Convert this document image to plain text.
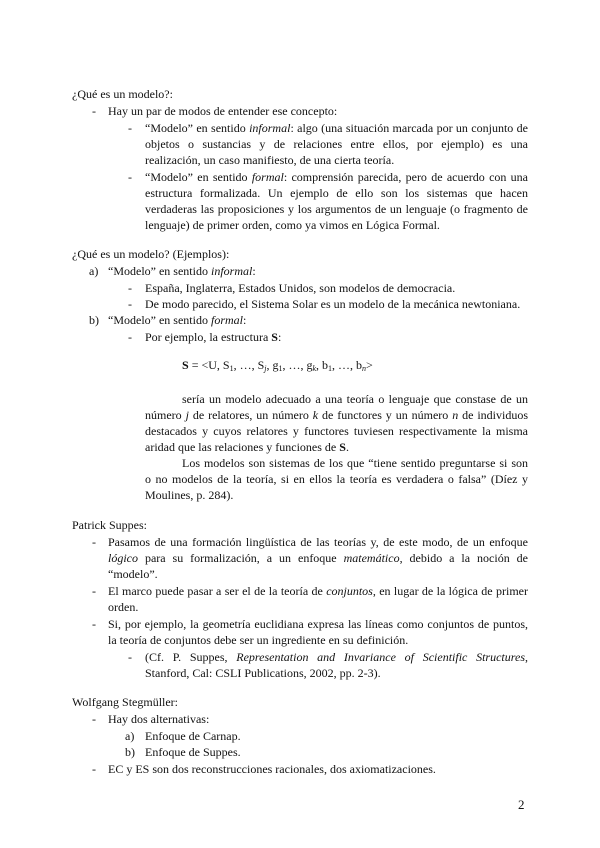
¿Qué es un modelo?:
- Hay un par de modos de entender ese concepto:
- “Modelo” en sentido informal: algo (una situación marcada por un conjunto de
objetos o sustancias y de relaciones entre ellos, por ejemplo) es una
realización, un caso manifiesto, de una cierta teoría.
- “Modelo” en sentido formal: comprensión parecida, pero de acuerdo con una
estructura formalizada. Un ejemplo de ello son los sistemas que hacen
verdaderas las proposiciones y los argumentos de un lenguaje (o fragmento de
lenguaje) de primer orden, como ya vimos en Lógica Formal.
¿Qué es un modelo? (Ejemplos):
a) “Modelo” en sentido informal:
- España, Inglaterra, Estados Unidos, son modelos de democracia.
- De modo parecido, el Sistema Solar es un modelo de la mecánica newtoniana.
b) “Modelo” en sentido formal:
- Por ejemplo, la estructura S:
S = <U, $S_1$, …, $S_j$, $g_1$, …, $g_k$, $b_1$, …, $b_n>$
sería un modelo adecuado a una teoría o lenguaje que constase de un
número j de relatores, un número k de functores y un número n de individuos
destacados y cuyos relatores y functores tuviesen respectivamente la misma
aridad que las relaciones y funciones de S.
Los modelos son sistemas de los que “tiene sentido preguntarse si son
o no modelos de la teoría, si en ellos la teoría es verdadera o falsa” (Díez y
Moulines, p. 284).
Patrick Suppes:
- Pasamos de una formación lingüística de las teorías y, de este modo, de un enfoque
lógico para su formalización, a un enfoque matemático, debido a la noción de
“modelo”.
- El marco puede pasar a ser el de la teoría de conjuntos, en lugar de la lógica de primer
orden.
- Si, por ejemplo, la geometría euclidiana expresa las líneas como conjuntos de puntos,
la teoría de conjuntos debe ser un ingrediente en su definición.
- (Cf. P. Suppes, Representation and Invariance of Scientific Structures,
Stanford, Cal: CSLI Publications, 2002, pp. 2-3).
Wolfgang Stegmüller:
- Hay dos alternativas:
a) Enfoque de Carnap.
b) Enfoque de Suppes.
- EC y ES son dos reconstrucciones racionales, dos axiomatizaciones.
2
